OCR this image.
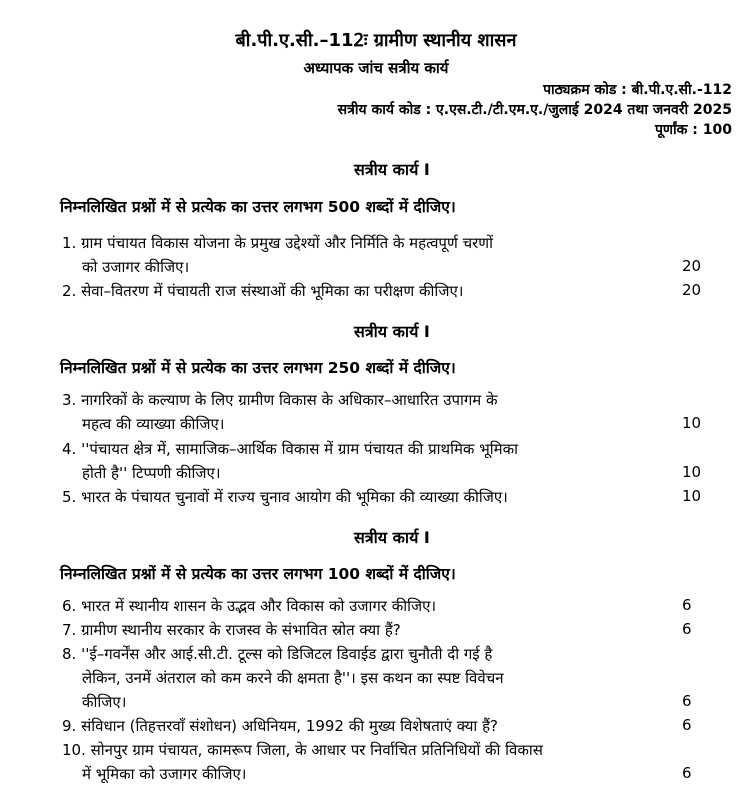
बी.पी.ए.सी.–112ः ग्रामीण स्थानीय शासन
अध्यापक जांच सत्रीय कार्य
पाठ्यक्रम कोड : बी.पी.ए.सी.-112
सत्रीय कार्य कोड : ए.एस.टी./टी.एम.ए./जुलाई 2024 तथा जनवरी 2025
पूर्णांक : 100
सत्रीय कार्य I
निम्नलिखित प्रश्नों में से प्रत्येक का उत्तर लगभग 500 शब्दों में दीजिए।
1. ग्राम पंचायत विकास योजना के प्रमुख उद्देश्यों और निर्मिति के महत्वपूर्ण चरणों
को उजागर कीजिए।	20
2. सेवा–वितरण में पंचायती राज संस्थाओं की भूमिका का परीक्षण कीजिए।	20
सत्रीय कार्य I
निम्नलिखित प्रश्नों में से प्रत्येक का उत्तर लगभग 250 शब्दों में दीजिए।
3. नागरिकों के कल्याण के लिए ग्रामीण विकास के अधिकार–आधारित उपागम के
महत्व की व्याख्या कीजिए।	10
4. ''पंचायत क्षेत्र में, सामाजिक–आर्थिक विकास में ग्राम पंचायत की प्राथमिक भूमिका
होती है'' टिप्पणी कीजिए।	10
5. भारत के पंचायत चुनावों में राज्य चुनाव आयोग की भूमिका की व्याख्या कीजिए।	10
सत्रीय कार्य I
निम्नलिखित प्रश्नों में से प्रत्येक का उत्तर लगभग 100 शब्दों में दीजिए।
6. भारत में स्थानीय शासन के उद्भव और विकास को उजागर कीजिए।	6
7. ग्रामीण स्थानीय सरकार के राजस्व के संभावित स्रोत क्या हैं?	6
8. ''ई–गवर्नेंस और आई.सी.टी. टूल्स को डिजिटल डिवाईड द्वारा चुनौती दी गई है
लेकिन, उनमें अंतराल को कम करने की क्षमता है''। इस कथन का स्पष्ट विवेचन
कीजिए।	6
9. संविधान (तिहत्तरवाँ संशोधन) अधिनियम, 1992 की मुख्य विशेषताएं क्या हैं?	6
10. सोनपुर ग्राम पंचायत, कामरूप जिला, के आधार पर निर्वाचित प्रतिनिधियों की विकास
में भूमिका को उजागर कीजिए।	6
